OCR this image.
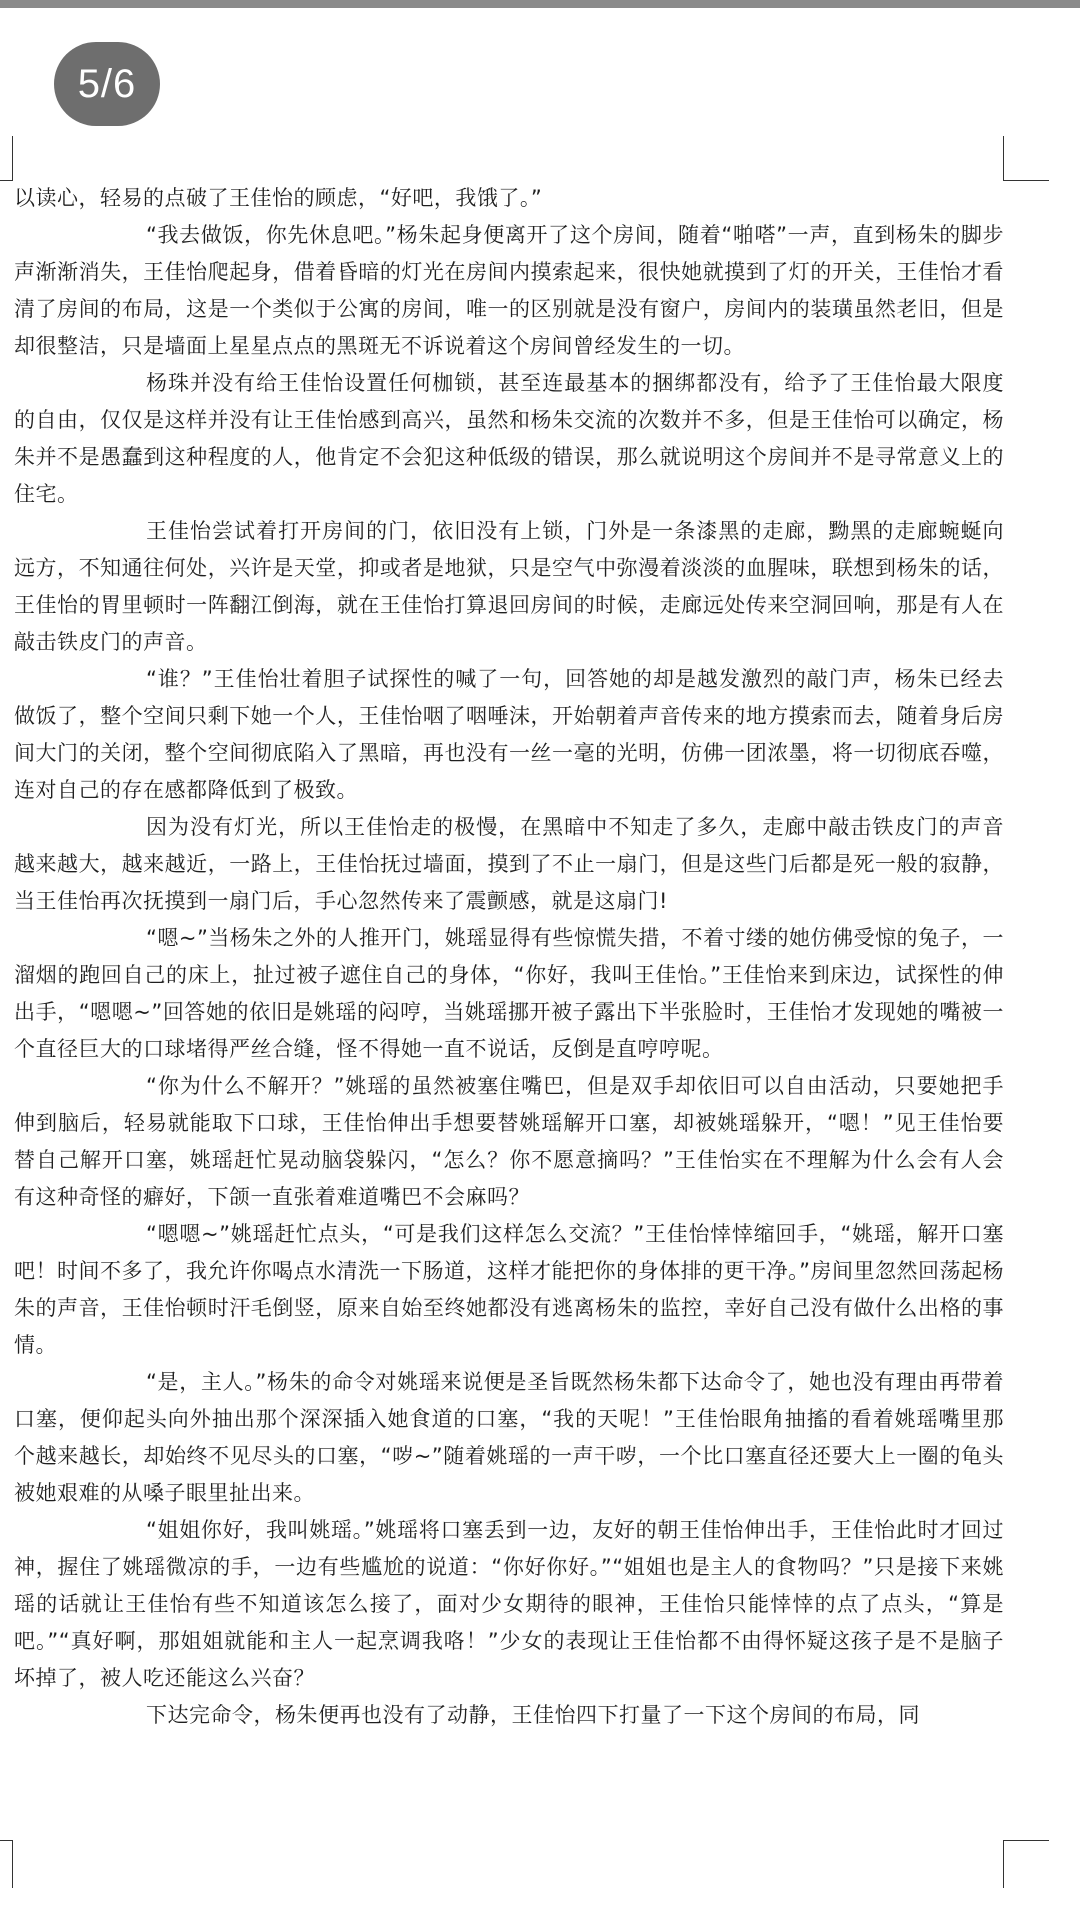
5/6

以读心，轻易的点破了王佳怡的顾虑，“好吧，我饿了。”

“我去做饭，你先休息吧。”杨朱起身便离开了这个房间，随着“啪嗒”一声，直到杨朱的脚步声渐渐消失，王佳怡爬起身，借着昏暗的灯光在房间内摸索起来，很快她就摸到了灯的开关，王佳怡才看清了房间的布局，这是一个类似于公寓的房间，唯一的区别就是没有窗户，房间内的装璜虽然老旧，但是却很整洁，只是墙面上星星点点的黑斑无不诉说着这个房间曾经发生的一切。

杨珠并没有给王佳怡设置任何枷锁，甚至连最基本的捆绑都没有，给予了王佳怡最大限度的自由，仅仅是这样并没有让王佳怡感到高兴，虽然和杨朱交流的次数并不多，但是王佳怡可以确定，杨朱并不是愚蠢到这种程度的人，他肯定不会犯这种低级的错误，那么就说明这个房间并不是寻常意义上的住宅。

王佳怡尝试着打开房间的门，依旧没有上锁，门外是一条漆黑的走廊，黝黑的走廊蜿蜒向远方，不知通往何处，兴许是天堂，抑或者是地狱，只是空气中弥漫着淡淡的血腥味，联想到杨朱的话，王佳怡的胃里顿时一阵翻江倒海，就在王佳怡打算退回房间的时候，走廊远处传来空洞回响，那是有人在敲击铁皮门的声音。

“谁？”王佳怡壮着胆子试探性的喊了一句，回答她的却是越发激烈的敲门声，杨朱已经去做饭了，整个空间只剩下她一个人，王佳怡咽了咽唾沫，开始朝着声音传来的地方摸索而去，随着身后房间大门的关闭，整个空间彻底陷入了黑暗，再也没有一丝一毫的光明，仿佛一团浓墨，将一切彻底吞噬，连对自己的存在感都降低到了极致。

因为没有灯光，所以王佳怡走的极慢，在黑暗中不知走了多久，走廊中敲击铁皮门的声音越来越大，越来越近，一路上，王佳怡抚过墙面，摸到了不止一扇门，但是这些门后都是死一般的寂静，当王佳怡再次抚摸到一扇门后，手心忽然传来了震颤感，就是这扇门!

“嗯~”当杨朱之外的人推开门，姚瑶显得有些惊慌失措，不着寸缕的她仿佛受惊的兔子，一溜烟的跑回自己的床上，扯过被子遮住自己的身体，“你好，我叫王佳怡。”王佳怡来到床边，试探性的伸出手，“嗯嗯~”回答她的依旧是姚瑶的闷哼，当姚瑶挪开被子露出下半张脸时，王佳怡才发现她的嘴被一个直径巨大的口球堵得严丝合缝，怪不得她一直不说话，反倒是直哼哼呢。

“你为什么不解开？”姚瑶的虽然被塞住嘴巴，但是双手却依旧可以自由活动，只要她把手伸到脑后，轻易就能取下口球，王佳怡伸出手想要替姚瑶解开口塞，却被姚瑶躲开，“嗯！”见王佳怡要替自己解开口塞，姚瑶赶忙晃动脑袋躲闪，“怎么？你不愿意摘吗？”王佳怡实在不理解为什么会有人会有这种奇怪的癖好，下颌一直张着难道嘴巴不会麻吗？

“嗯嗯~”姚瑶赶忙点头，“可是我们这样怎么交流？”王佳怡悻悻缩回手，“姚瑶，解开口塞吧！时间不多了，我允许你喝点水清洗一下肠道，这样才能把你的身体排的更干净。”房间里忽然回荡起杨朱的声音，王佳怡顿时汗毛倒竖，原来自始至终她都没有逃离杨朱的监控，幸好自己没有做什么出格的事情。

“是，主人。”杨朱的命令对姚瑶来说便是圣旨既然杨朱都下达命令了，她也没有理由再带着口塞，便仰起头向外抽出那个深深插入她食道的口塞，“我的天呢！”王佳怡眼角抽搐的看着姚瑶嘴里那个越来越长，却始终不见尽头的口塞，“哕~”随着姚瑶的一声干哕，一个比口塞直径还要大上一圈的龟头被她艰难的从嗓子眼里扯出来。

“姐姐你好，我叫姚瑶。”姚瑶将口塞丢到一边，友好的朝王佳怡伸出手，王佳怡此时才回过神，握住了姚瑶微凉的手，一边有些尴尬的说道：“你好你好。”“姐姐也是主人的食物吗？”只是接下来姚瑶的话就让王佳怡有些不知道该怎么接了，面对少女期待的眼神，王佳怡只能悻悻的点了点头，“算是吧。”“真好啊，那姐姐就能和主人一起烹调我咯！”少女的表现让王佳怡都不由得怀疑这孩子是不是脑子坏掉了，被人吃还能这么兴奋？

下达完命令，杨朱便再也没有了动静，王佳怡四下打量了一下这个房间的布局，同
